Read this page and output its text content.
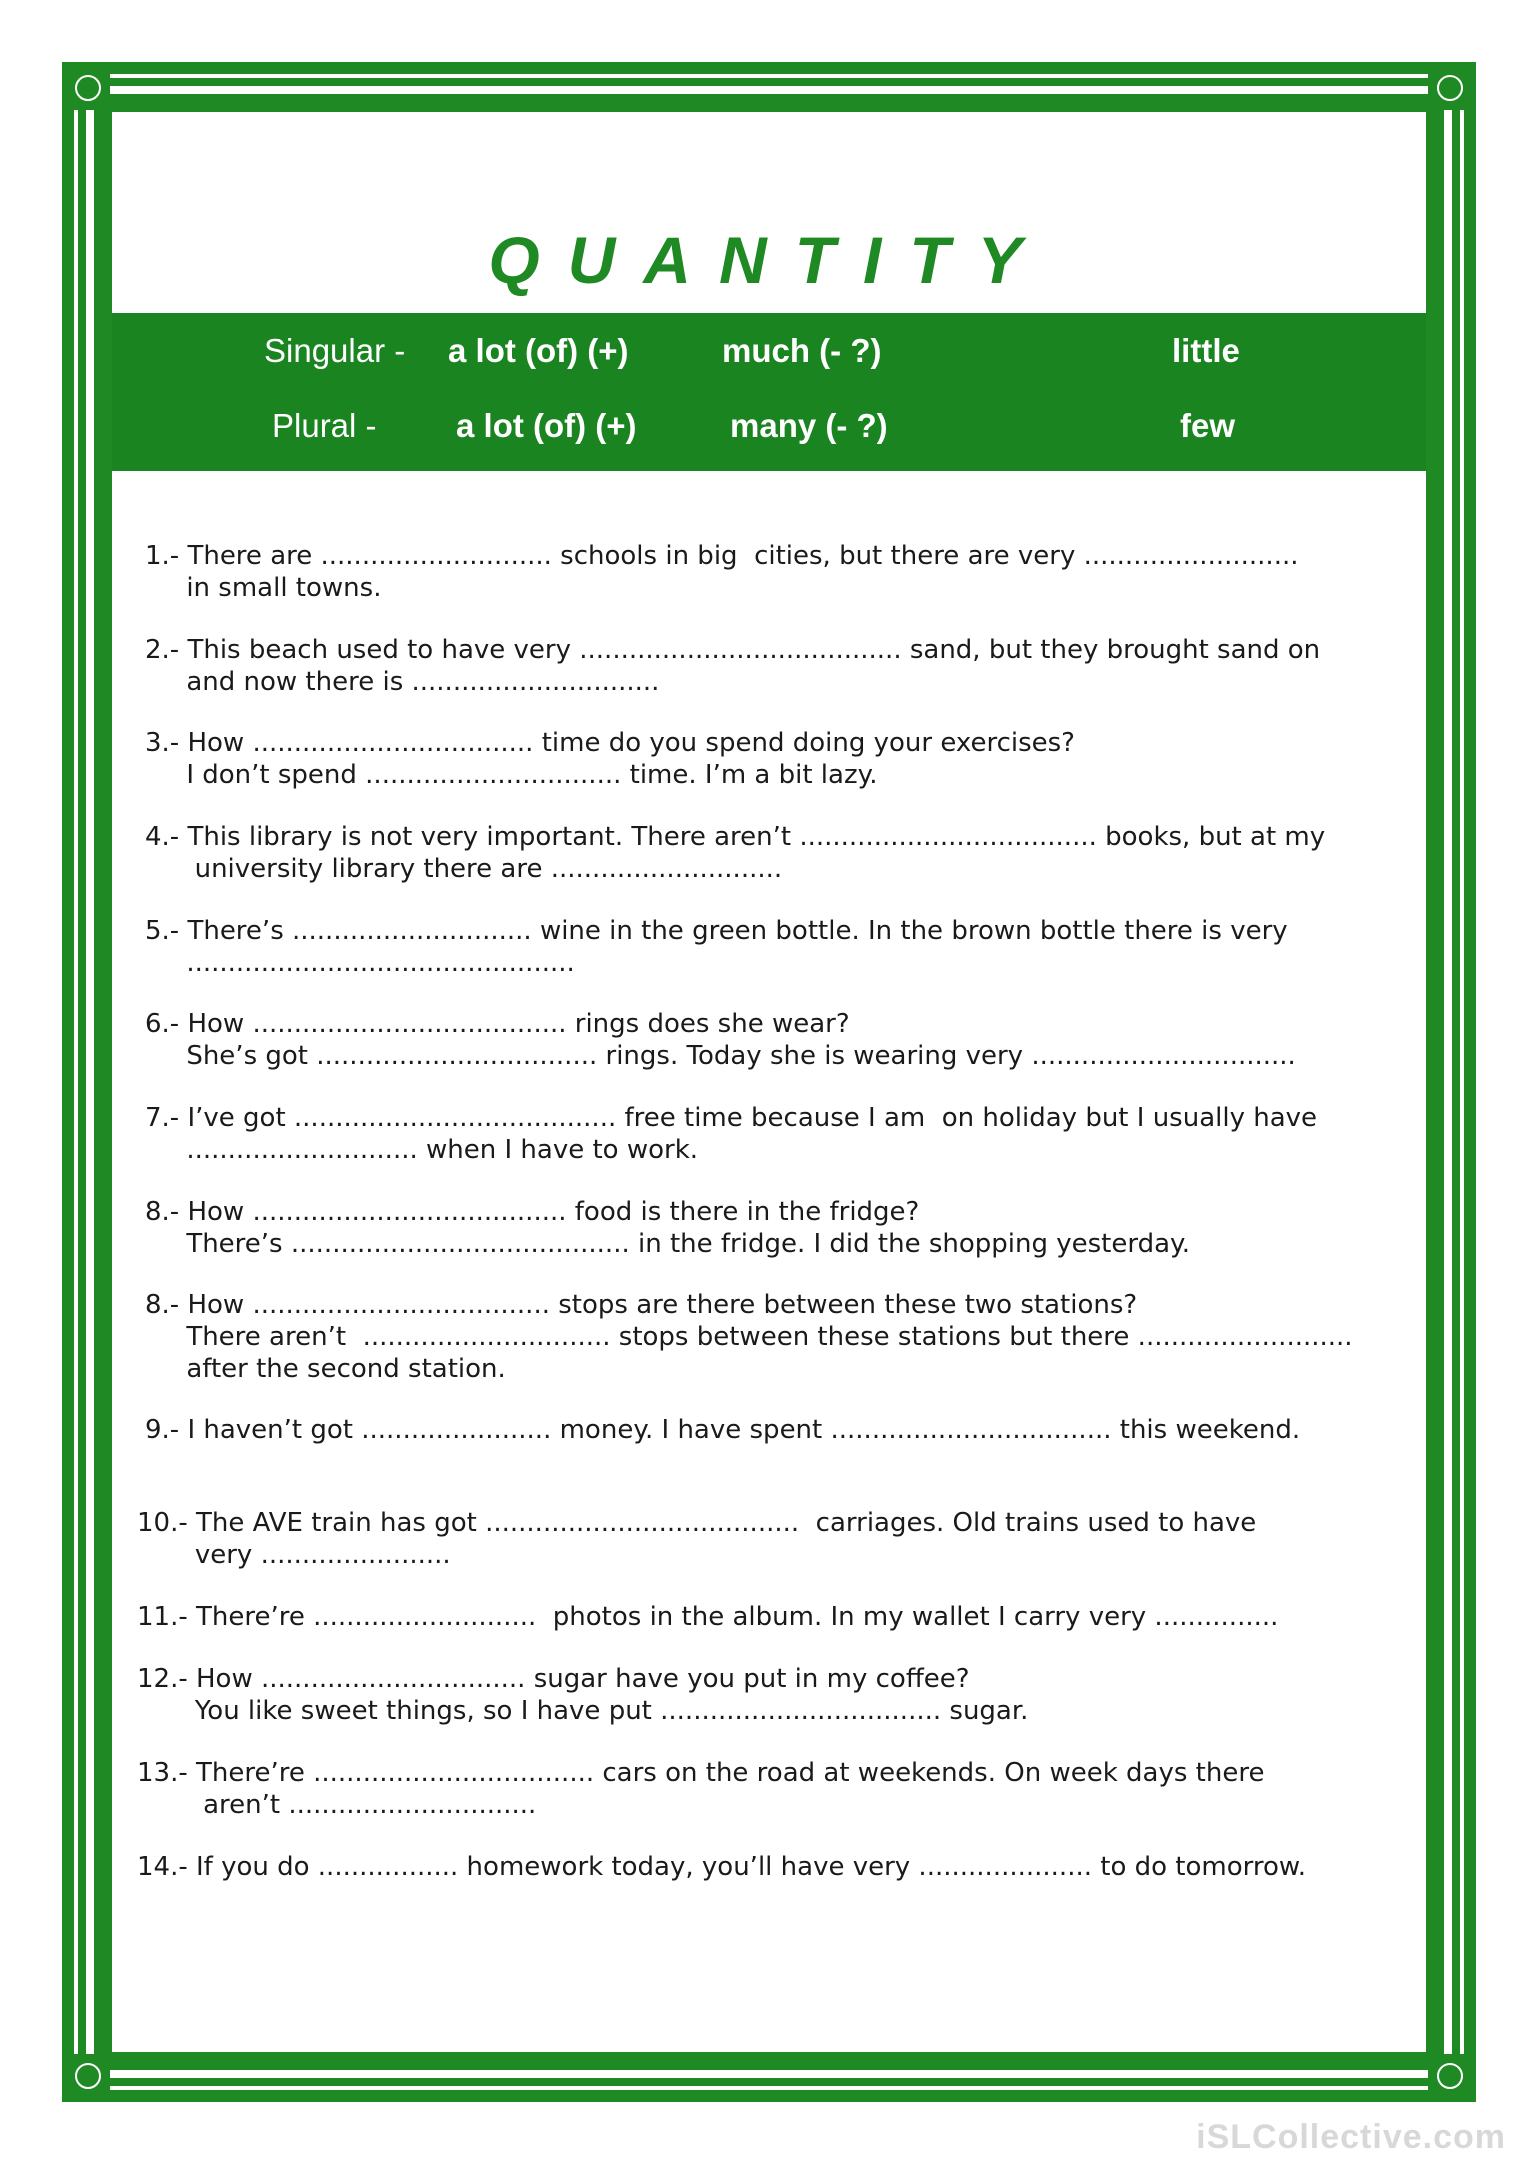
QUANTITY
Singular - a lot (of) (+)	much (- ?)	little
Plural - a lot (of) (+)	many (- ?)	few
1.- There are ............................ schools in big  cities, but there are very ..........................
in small towns.
2.- This beach used to have very ....................................... sand, but they brought sand on
and now there is ..............................
3.- How .................................. time do you spend doing your exercises?
I don’t spend ............................... time. I’m a bit lazy.
4.- This library is not very important. There aren’t .................................... books, but at my
university library there are ............................
5.- There’s ............................. wine in the green bottle. In the brown bottle there is very
...............................................
6.- How ...................................... rings does she wear?
She’s got .................................. rings. Today she is wearing very ................................
7.- I’ve got ....................................... free time because I am  on holiday but I usually have
............................ when I have to work.
8.- How ...................................... food is there in the fridge?
There’s ......................................... in the fridge. I did the shopping yesterday.
8.- How .................................... stops are there between these two stations?
There aren’t  .............................. stops between these stations but there ..........................
after the second station.
9.- I haven’t got ....................... money. I have spent .................................. this weekend.
10.- The AVE train has got ......................................  carriages. Old trains used to have
very .......................
11.- There’re ...........................  photos in the album. In my wallet I carry very ...............
12.- How ................................ sugar have you put in my coffee?
You like sweet things, so I have put .................................. sugar.
13.- There’re .................................. cars on the road at weekends. On week days there
aren’t ..............................
14.- If you do ................. homework today, you’ll have very ..................... to do tomorrow.
iSLCollective.com
